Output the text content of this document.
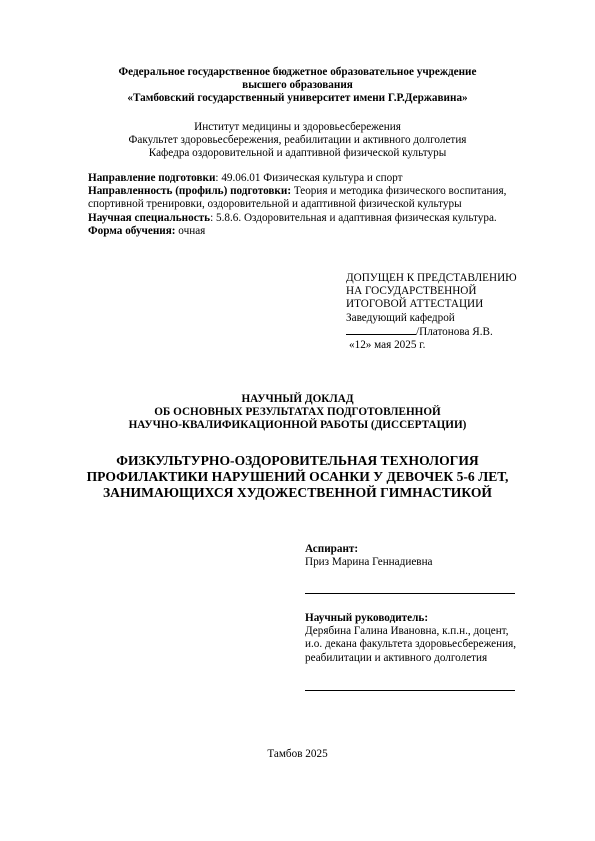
Федеральное государственное бюджетное образовательное учреждение

высшего образования

«Тамбовский государственный университет имени Г.Р.Державина»

Институт медицины и здоровьесбережения

Факультет здоровьесбережения, реабилитации и активного долголетия

Кафедра оздоровительной и адаптивной физической культуры

Направление подготовки: 49.06.01 Физическая культура и спорт

Направленность (профиль) подготовки: Теория и методика физического воспитания,

спортивной тренировки, оздоровительной и адаптивной физической культуры

Научная специальность: 5.8.6. Оздоровительная и адаптивная физическая культура.

Форма обучения: очная

ДОПУЩЕН К ПРЕДСТАВЛЕНИЮ

НА ГОСУДАРСТВЕННОЙ

ИТОГОВОЙ АТТЕСТАЦИИ

Заведующий кафедрой

/Платонова Я.В.

«12» мая 2025 г.

НАУЧНЫЙ ДОКЛАД

ОБ ОСНОВНЫХ РЕЗУЛЬТАТАХ ПОДГОТОВЛЕННОЙ

НАУЧНО-КВАЛИФИКАЦИОННОЙ РАБОТЫ (ДИССЕРТАЦИИ)

ФИЗКУЛЬТУРНО-ОЗДОРОВИТЕЛЬНАЯ ТЕХНОЛОГИЯ

ПРОФИЛАКТИКИ НАРУШЕНИЙ ОСАНКИ У ДЕВОЧЕК 5-6 ЛЕТ,

ЗАНИМАЮЩИХСЯ ХУДОЖЕСТВЕННОЙ ГИМНАСТИКОЙ

Аспирант:

Приз Марина Геннадиевна

Научный руководитель:

Дерябина Галина Ивановна, к.п.н., доцент,

и.о. декана факультета здоровьесбережения,

реабилитации и активного долголетия

Тамбов 2025
